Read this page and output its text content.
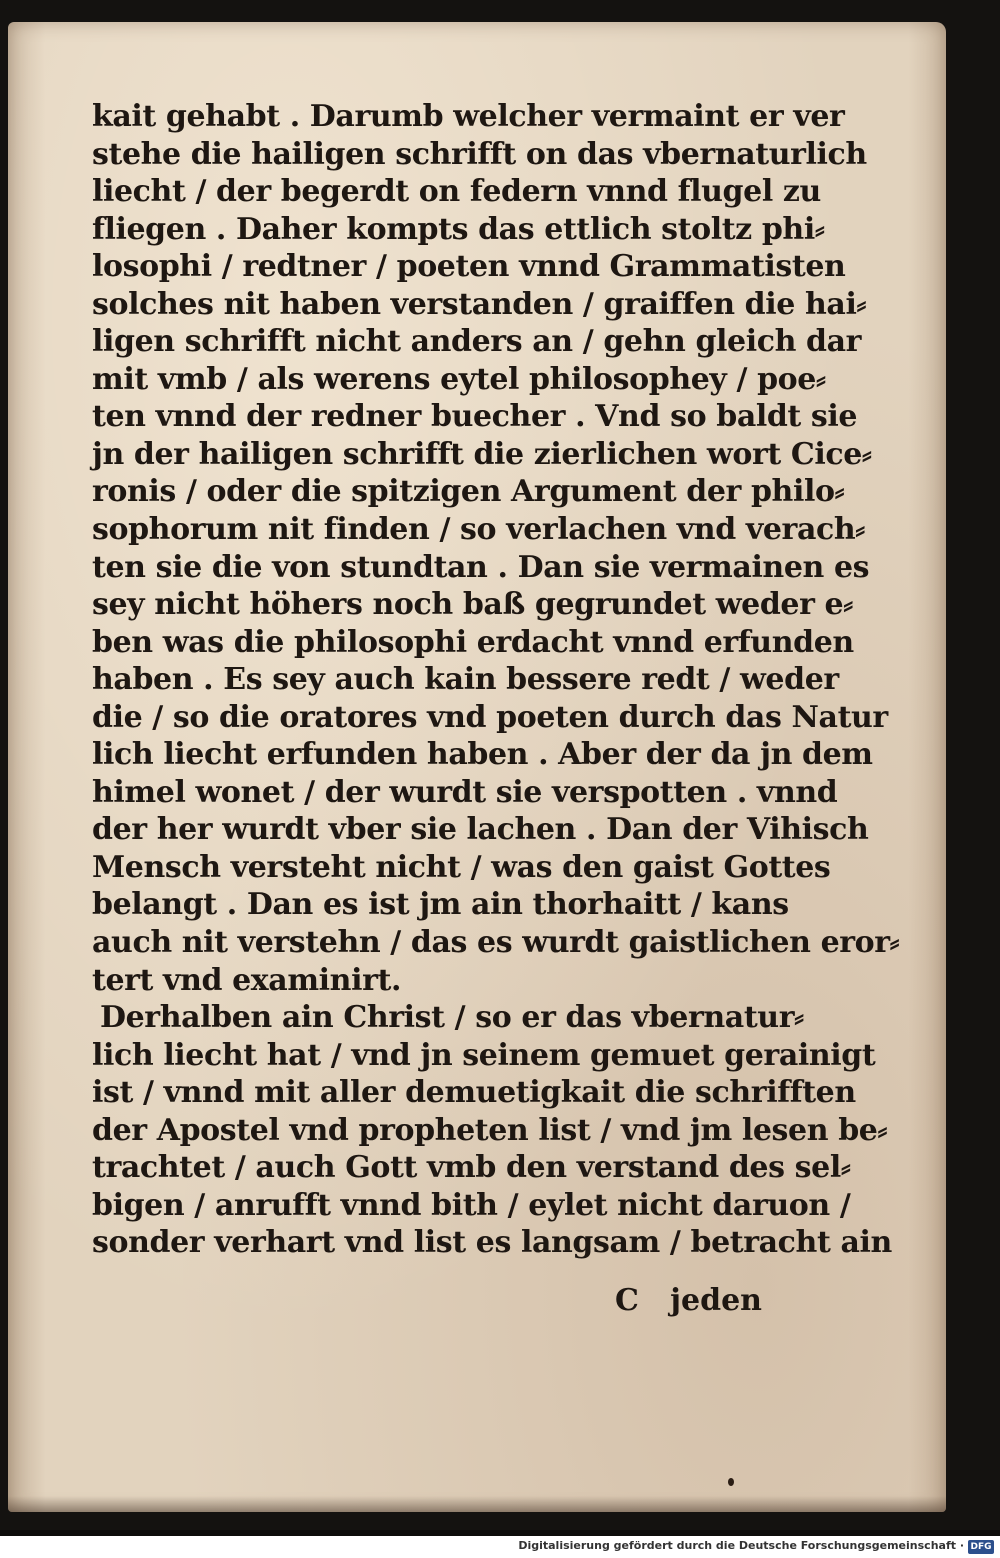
kait gehabt . Darumb welcher vermaint er ver
stehe die hailigen schrifft on das vbernaturlich
liecht / der begerdt on federn vnnd flugel zu
fliegen . Daher kompts das ettlich stoltz phi⸗
losophi / redtner / poeten vnnd Grammatisten
solches nit haben verstanden / graiffen die hai⸗
ligen schrifft nicht anders an / gehn gleich dar
mit vmb / als werens eytel philosophey / poe⸗
ten vnnd der redner buecher . Vnd so baldt sie
jn der hailigen schrifft die zierlichen wort Cice⸗
ronis / oder die spitzigen Argument der philo⸗
sophorum nit finden / so verlachen vnd verach⸗
ten sie die von stundtan . Dan sie vermainen es
sey nicht höhers noch baß gegrundet weder e⸗
ben was die philosophi erdacht vnnd erfunden
haben . Es sey auch kain bessere redt / weder
die / so die oratores vnd poeten durch das Natur
lich liecht erfunden haben . Aber der da jn dem
himel wonet / der wurdt sie verspotten . vnnd
der her wurdt vber sie lachen . Dan der Vihisch
Mensch versteht nicht / was den gaist Gottes
belangt . Dan es ist jm ain thorhaitt / kans
auch nit verstehn / das es wurdt gaistlichen eror⸗
tert vnd examinirt.
Derhalben ain Christ / so er das vbernatur⸗
lich liecht hat / vnd jn seinem gemuet gerainigt
ist / vnnd mit aller demuetigkait die schrifften
der Apostel vnd propheten list / vnd jm lesen be⸗
trachtet / auch Gott vmb den verstand des sel⸗
bigen / anrufft vnnd bith / eylet nicht daruon /
sonder verhart vnd list es langsam / betracht ain
C jeden
Digitalisierung gefördert durch die Deutsche Forschungsgemeinschaft · DFG
